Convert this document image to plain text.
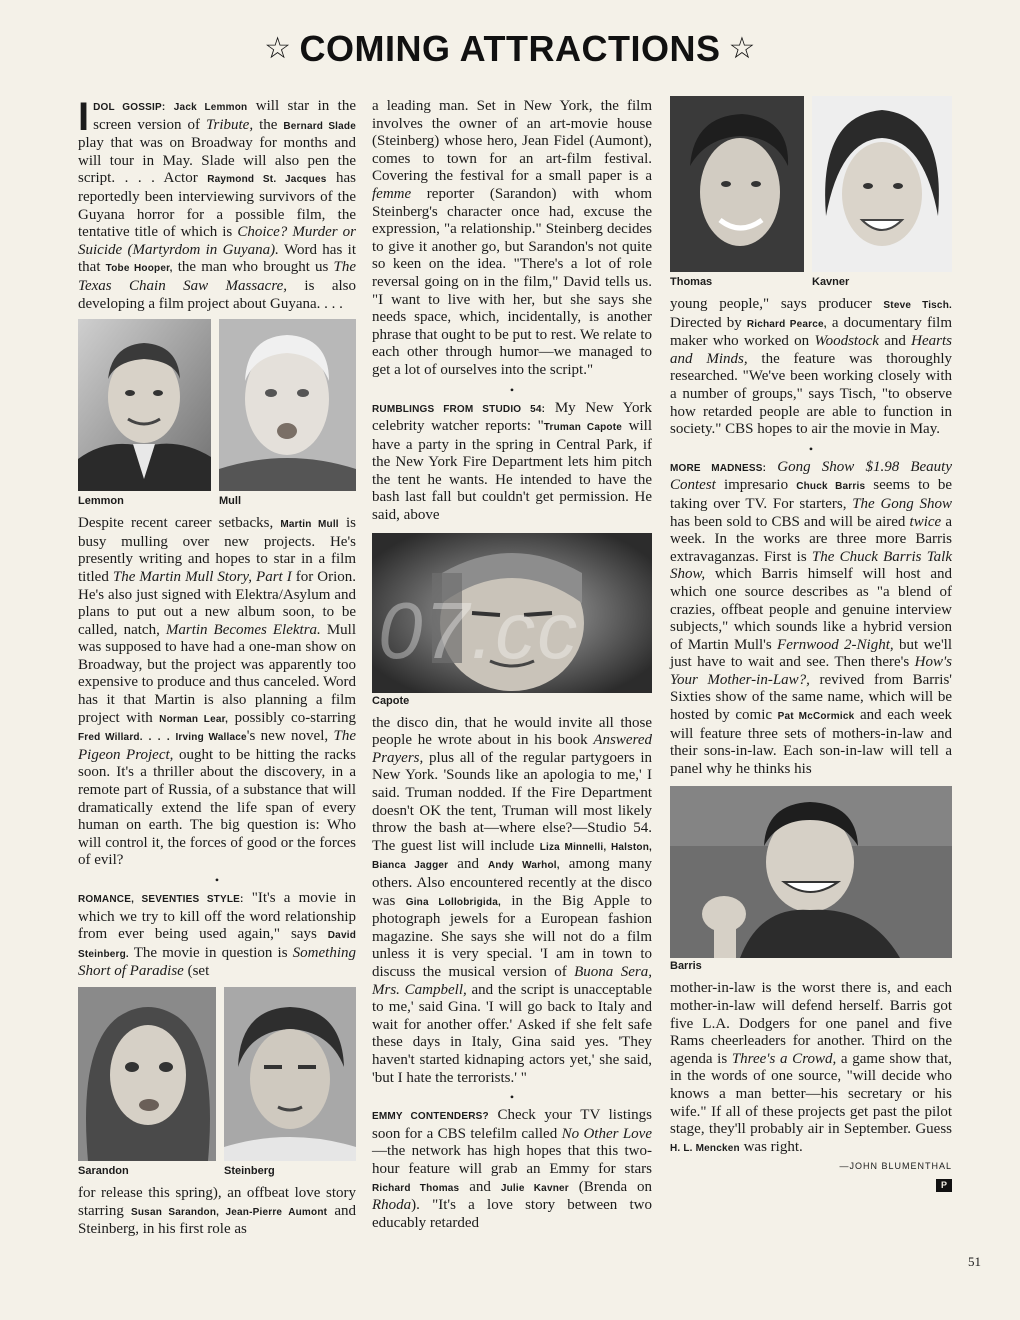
☆ COMING ATTRACTIONS ☆

IDOL GOSSIP: Jack Lemmon will star in the screen version of Tribute, the Bernard Slade play that was on Broadway for months and will tour in May. Slade will also pen the script. . . . Actor Raymond St. Jacques has reportedly been interviewing survivors of the Guyana horror for a possible film, the tentative title of which is Choice? Murder or Suicide (Martyrdom in Guyana). Word has it that Tobe Hooper, the man who brought us The Texas Chain Saw Massacre, is also developing a film project about Guyana. . . .

Lemmon	Mull

Despite recent career setbacks, Martin Mull is busy mulling over new projects. He's presently writing and hopes to star in a film titled The Martin Mull Story, Part I for Orion. He's also just signed with Elektra/Asylum and plans to put out a new album soon, to be called, natch, Martin Becomes Elektra. Mull was supposed to have had a one-man show on Broadway, but the project was apparently too expensive to produce and thus canceled. Word has it that Martin is also planning a film project with Norman Lear, possibly co-starring Fred Willard. . . . Irving Wallace's new novel, The Pigeon Project, ought to be hitting the racks soon. It's a thriller about the discovery, in a remote part of Russia, of a substance that will dramatically extend the life span of every human on earth. The big question is: Who will control it, the forces of good or the forces of evil?

•

ROMANCE, SEVENTIES STYLE: "It's a movie in which we try to kill off the word relationship from ever being used again," says David Steinberg. The movie in question is Something Short of Paradise (set

Sarandon	Steinberg

for release this spring), an offbeat love story starring Susan Sarandon, Jean-Pierre Aumont and Steinberg, in his first role as

a leading man. Set in New York, the film involves the owner of an art-movie house (Steinberg) whose hero, Jean Fidel (Aumont), comes to town for an art-film festival. Covering the festival for a small paper is a femme reporter (Sarandon) with whom Steinberg's character once had, excuse the expression, "a relationship." Steinberg decides to give it another go, but Sarandon's not quite so keen on the idea. "There's a lot of role reversal going on in the film," David tells us. "I want to live with her, but she says she needs space, which, incidentally, is another phrase that ought to be put to rest. We relate to each other through humor—we managed to get a lot of ourselves into the script."

•

RUMBLINGS FROM STUDIO 54: My New York celebrity watcher reports: "Truman Capote will have a party in the spring in Central Park, if the New York Fire Department lets him pitch the tent he wants. He intended to have the bash last fall but couldn't get permission. He said, above

Capote

the disco din, that he would invite all those people he wrote about in his book Answered Prayers, plus all of the regular partygoers in New York. 'Sounds like an apologia to me,' I said. Truman nodded. If the Fire Department doesn't OK the tent, Truman will most likely throw the bash at—where else?—Studio 54. The guest list will include Liza Minnelli, Halston, Bianca Jagger and Andy Warhol, among many others. Also encountered recently at the disco was Gina Lollobrigida, in the Big Apple to photograph jewels for a European fashion magazine. She says she will not do a film unless it is very special. 'I am in town to discuss the musical version of Buona Sera, Mrs. Campbell, and the script is unacceptable to me,' said Gina. 'I will go back to Italy and wait for another offer.' Asked if she felt safe these days in Italy, Gina said yes. 'They haven't started kidnaping actors yet,' she said, 'but I hate the terrorists.' "

•

EMMY CONTENDERS? Check your TV listings soon for a CBS telefilm called No Other Love—the network has high hopes that this two-hour feature will grab an Emmy for stars Richard Thomas and Julie Kavner (Brenda on Rhoda). "It's a love story between two educably retarded

Thomas	Kavner

young people," says producer Steve Tisch. Directed by Richard Pearce, a documentary film maker who worked on Woodstock and Hearts and Minds, the feature was thoroughly researched. "We've been working closely with a number of groups," says Tisch, "to observe how retarded people are able to function in society." CBS hopes to air the movie in May.

•

MORE MADNESS: Gong Show $1.98 Beauty Contest impresario Chuck Barris seems to be taking over TV. For starters, The Gong Show has been sold to CBS and will be aired twice a week. In the works are three more Barris extravaganzas. First is The Chuck Barris Talk Show, which Barris himself will host and which one source describes as "a blend of crazies, offbeat people and genuine interview subjects," which sounds like a hybrid version of Martin Mull's Fernwood 2-Night, but we'll just have to wait and see. Then there's How's Your Mother-in-Law?, revived from Barris' Sixties show of the same name, which will be hosted by comic Pat McCormick and each week will feature three sets of mothers-in-law and their sons-in-law. Each son-in-law will tell a panel why he thinks his

Barris

mother-in-law is the worst there is, and each mother-in-law will defend herself. Barris got five L.A. Dodgers for one panel and five Rams cheerleaders for another. Third on the agenda is Three's a Crowd, a game show that, in the words of one source, "will decide who knows a man better—his secretary or his wife." If all of these projects get past the pilot stage, they'll probably air in September. Guess H. L. Mencken was right.

—JOHN BLUMENTHAL
P
07.cc
51
